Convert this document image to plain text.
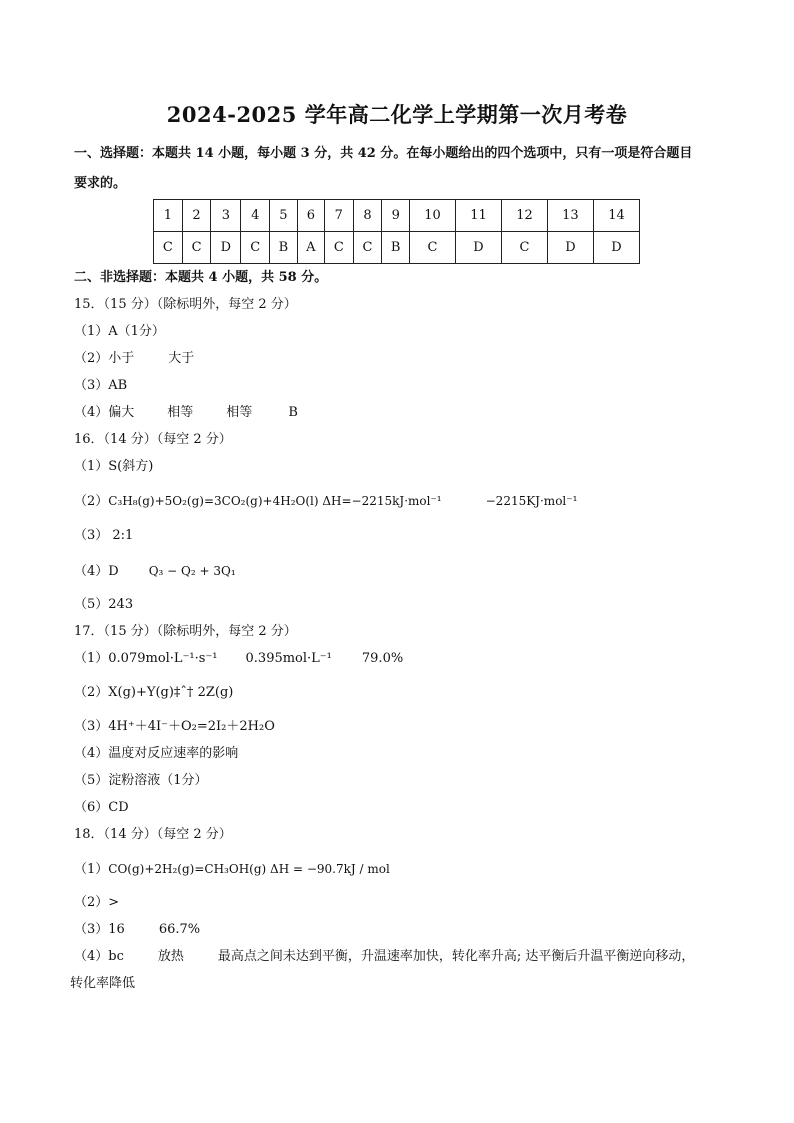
2024-2025 学年高二化学上学期第一次月考卷
一、选择题：本题共 14 小题，每小题 3 分，共 42 分。在每小题给出的四个选项中，只有一项是符合题目
要求的。
1	2	3	4	5	6	7	8	9	10	11	12	13	14
C	C	D	C	B	A	C	C	B	C	D	C	D	D
二、非选择题：本题共 4 小题，共 58 分。
15．（15 分）（除标明外，每空 2 分）
（1）A（1分）
（2）小于	大于
（3）AB
（4）偏大	相等	相等	B
16．（14 分）（每空 2 分）
（1）S(斜方)
（2）C₃H₈(g)+5O₂(g)=3CO₂(g)+4H₂O(l) ΔH=−2215kJ·mol⁻¹	−2215KJ·mol⁻¹
（3） 2:1
（4）D	Q₃ − Q₂ + 3Q₁
（5）243
17．（15 分）（除标明外，每空 2 分）
（1）0.079mol·L⁻¹·s⁻¹ 0.395mol·L⁻¹ 79.0%
（2）X(g)+Y(g)‡ˆ† 2Z(g)
（3）4H⁺＋4I⁻＋O₂=2I₂＋2H₂O
（4）温度对反应速率的影响
（5）淀粉溶液（1分）
（6）CD
18．（14 分）（每空 2 分）
（1）CO(g)+2H₂(g)=CH₃OH(g) ΔH = −90.7kJ / mol
（2）>
（3）16	66.7%
（4）bc	放热	最高点之间未达到平衡，升温速率加快，转化率升高; 达平衡后升温平衡逆向移动，
转化率降低
